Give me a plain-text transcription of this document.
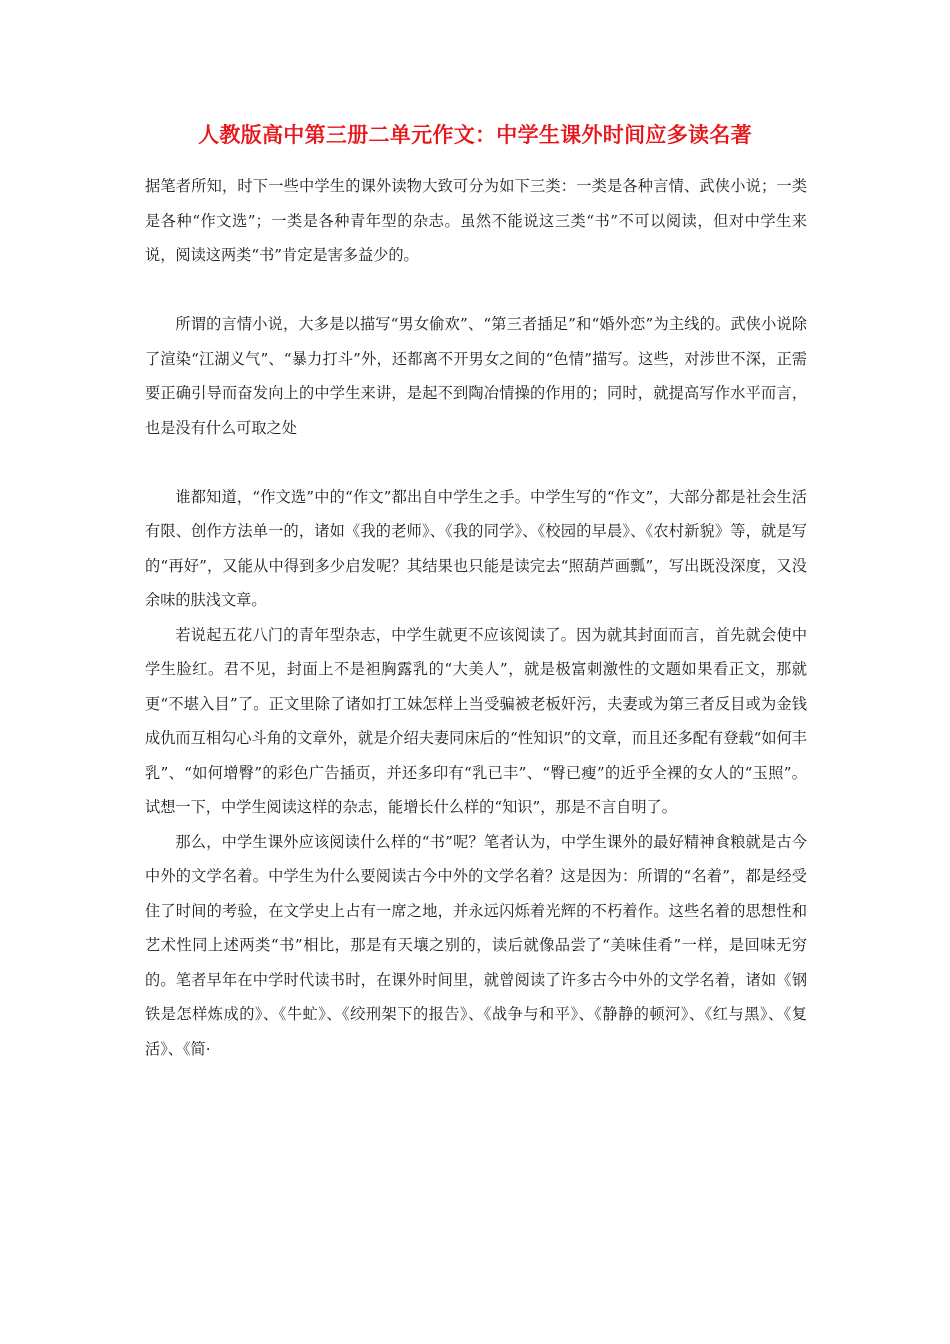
人教版高中第三册二单元作文：中学生课外时间应多读名著

据笔者所知，时下一些中学生的课外读物大致可分为如下三类：一类是各种言情、武侠小说；一类是各种“作文选”；一类是各种青年型的杂志。虽然不能说这三类“书”不可以阅读，但对中学生来说，阅读这两类“书”肯定是害多益少的。

所谓的言情小说，大多是以描写“男女偷欢”、“第三者插足”和“婚外恋”为主线的。武侠小说除了渲染“江湖义气”、“暴力打斗”外，还都离不开男女之间的“色情”描写。这些，对涉世不深，正需要正确引导而奋发向上的中学生来讲，是起不到陶冶情操的作用的；同时，就提高写作水平而言，也是没有什么可取之处

谁都知道，“作文选”中的“作文”都出自中学生之手。中学生写的“作文”，大部分都是社会生活有限、创作方法单一的，诸如《我的老师》、《我的同学》、《校园的早晨》、《农村新貌》等，就是写的“再好”，又能从中得到多少启发呢？其结果也只能是读完去“照葫芦画瓢”，写出既没深度，又没余味的肤浅文章。

若说起五花八门的青年型杂志，中学生就更不应该阅读了。因为就其封面而言，首先就会使中学生脸红。君不见，封面上不是袒胸露乳的“大美人”，就是极富刺激性的文题如果看正文，那就更“不堪入目”了。正文里除了诸如打工妹怎样上当受骗被老板奸污，夫妻或为第三者反目或为金钱成仇而互相勾心斗角的文章外，就是介绍夫妻同床后的“性知识”的文章，而且还多配有登载“如何丰乳”、“如何增臀”的彩色广告插页，并还多印有“乳已丰”、“臀已瘦”的近乎全裸的女人的“玉照”。试想一下，中学生阅读这样的杂志，能增长什么样的“知识”，那是不言自明了。

那么，中学生课外应该阅读什么样的“书”呢？笔者认为，中学生课外的最好精神食粮就是古今中外的文学名着。中学生为什么要阅读古今中外的文学名着？这是因为：所谓的“名着”，都是经受住了时间的考验，在文学史上占有一席之地，并永远闪烁着光辉的不朽着作。这些名着的思想性和艺术性同上述两类“书”相比，那是有天壤之别的，读后就像品尝了“美味佳肴”一样，是回味无穷的。笔者早年在中学时代读书时，在课外时间里，就曾阅读了许多古今中外的文学名着，诸如《钢铁是怎样炼成的》、《牛虻》、《绞刑架下的报告》、《战争与和平》、《静静的顿河》、《红与黑》、《复活》、《简·
